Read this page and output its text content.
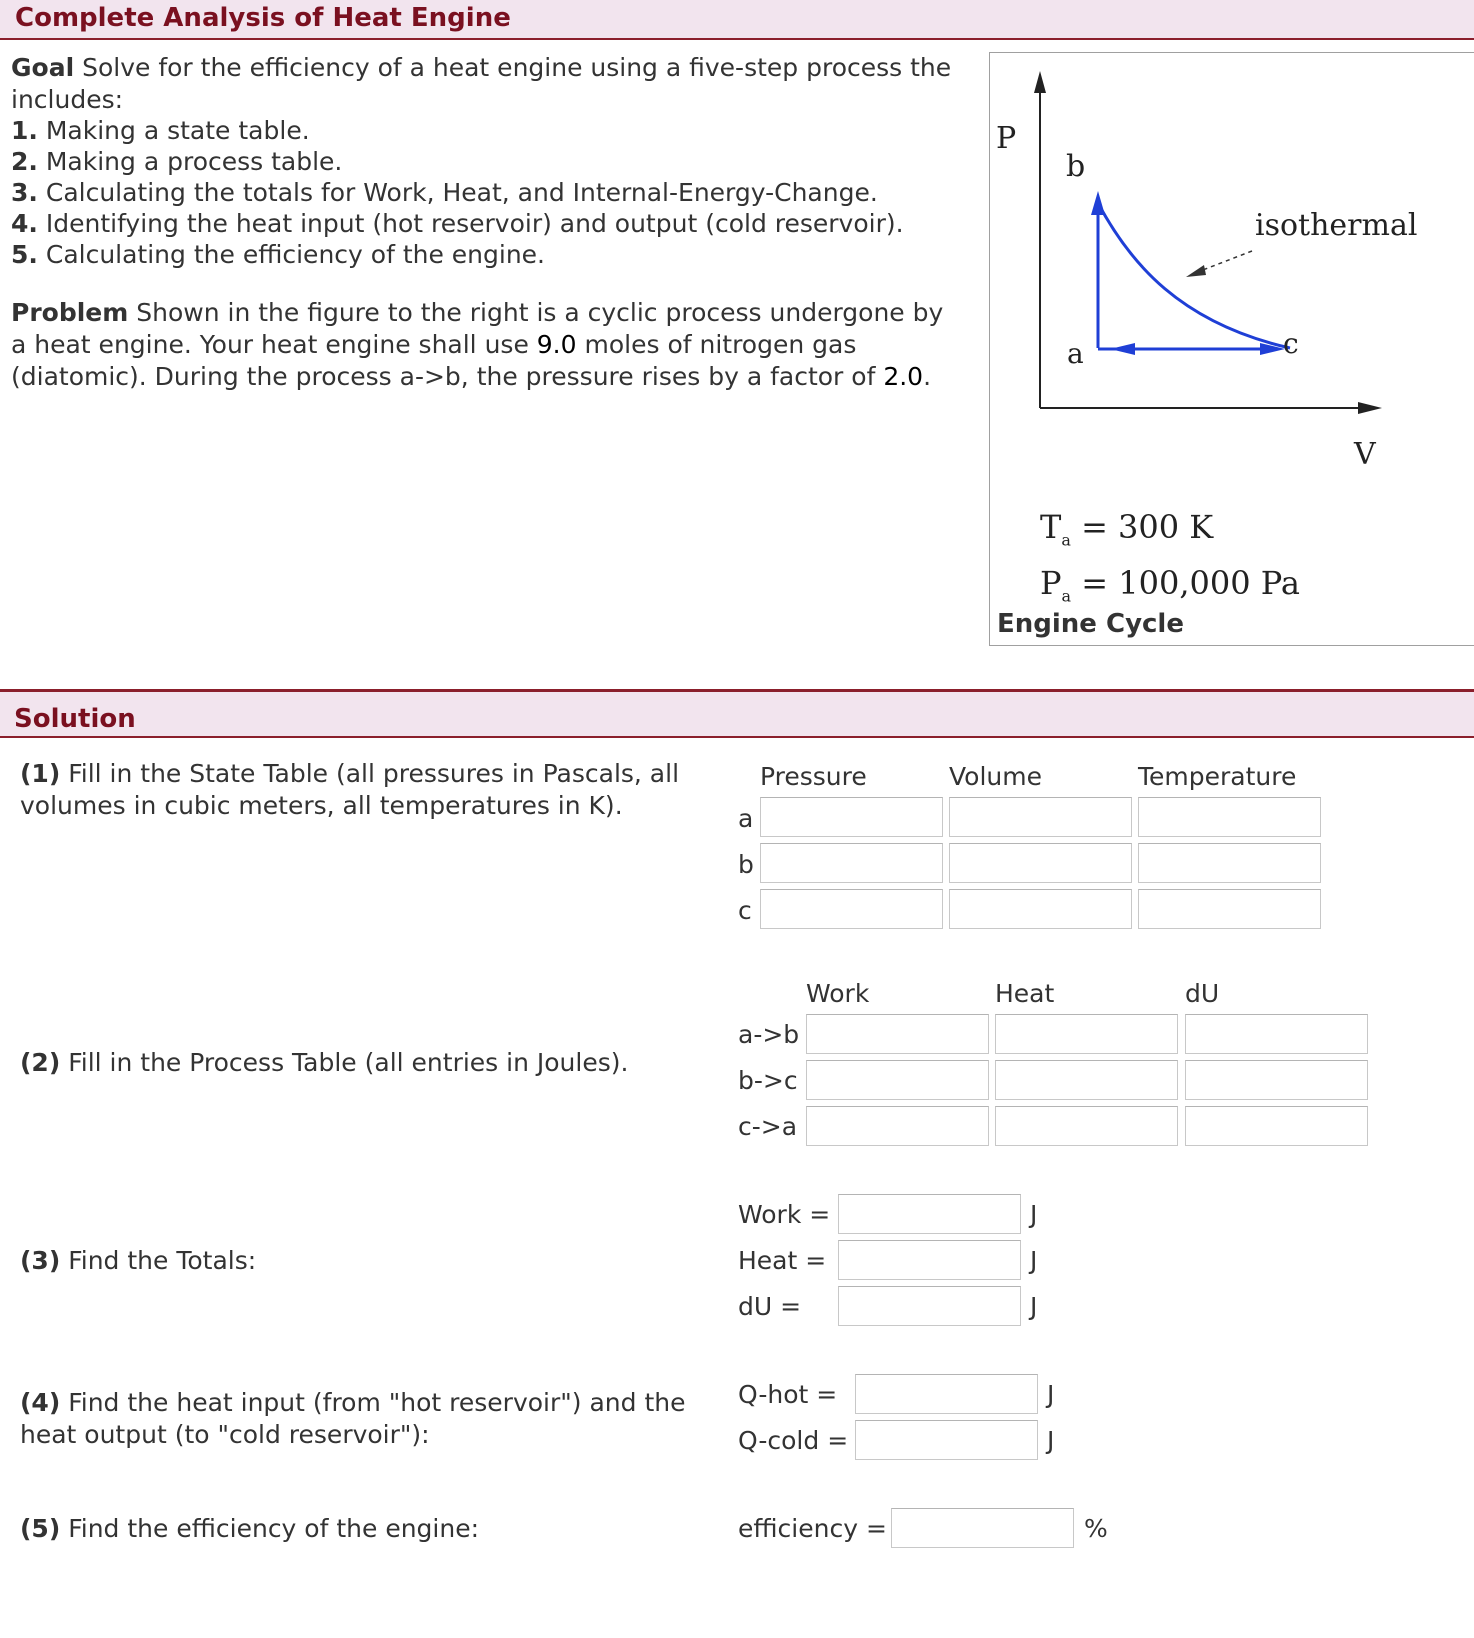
Complete Analysis of Heat Engine
Goal Solve for the efficiency of a heat engine using a five-step process the includes:
1. Making a state table.
2. Making a process table.
3. Calculating the totals for Work, Heat, and Internal-Energy-Change.
4. Identifying the heat input (hot reservoir) and output (cold reservoir).
5. Calculating the efficiency of the engine.
Problem Shown in the figure to the right is a cyclic process undergone by a heat engine. Your heat engine shall use 9.0 moles of nitrogen gas (diatomic). During the process a->b, the pressure rises by a factor of 2.0.
P
V
b
a	c
isothermal
$T_a = 300$ K
$P_a = 100,000$ Pa
Engine Cycle
Solution
(1) Fill in the State Table (all pressures in Pascals, all volumes in cubic meters, all temperatures in K).
Pressure	Volume	Temperature
a
b
c
(2) Fill in the Process Table (all entries in Joules).
Work	Heat	dU
a->b
b->c
c->a
(3) Find the Totals:
Work =	J
Heat =	J
dU =	J
(4) Find the heat input (from "hot reservoir") and the heat output (to "cold reservoir"):
Q-hot =	J
Q-cold =	J
(5) Find the efficiency of the engine:	efficiency =	%
